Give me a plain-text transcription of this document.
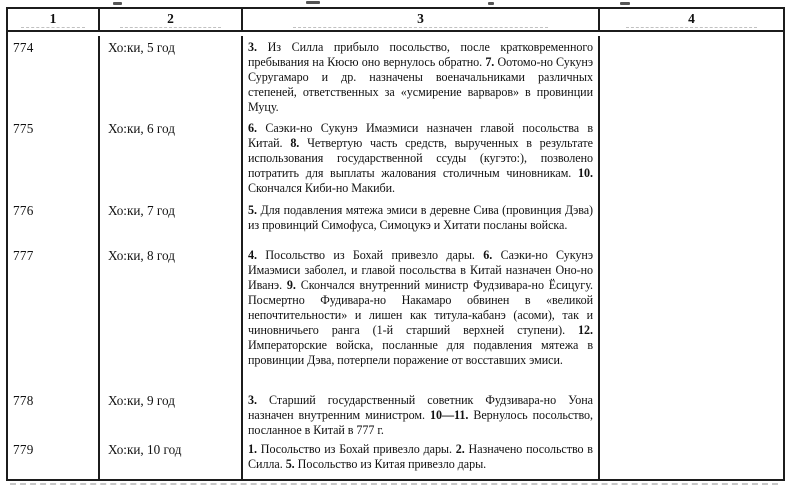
1	2	3	4
774	Хо:ки, 5 год	3. Из Силла прибыло посольство, после кратковременного пребывания на Кюсю оно вернулось обратно. 7. Оотомо-но Сукунэ Суругамаро и др. назначены военачальниками различных степеней, ответственных за «усмирение варваров» в провинции Муцу.
775	Хо:ки, 6 год	6. Саэки-но Сукунэ Имаэмиси назначен главой посольства в Китай. 8. Четвертую часть средств, вырученных в результате использования государственной ссуды (кугэто:), позволено потратить для выплаты жалования столичным чиновникам. 10. Скончался Киби-но Макиби.
776	Хо:ки, 7 год	5. Для подавления мятежа эмиси в деревне Сива (провинция Дэва) из провинций Симофуса, Симоцукэ и Хитати посланы войска.
777	Хо:ки, 8 год	4. Посольство из Бохай привезло дары. 6. Саэки-но Сукунэ Имаэмиси заболел, и главой посольства в Китай назначен Оно-но Иванэ. 9. Скончался внутренний министр Фудзивара-но Ёсицугу. Посмертно Фудивара-но Накамаро обвинен в «великой непочтительности» и лишен как титула-кабанэ (асоми), так и чиновничьего ранга (1-й старший верхней ступени). 12. Императорские войска, посланные для подавления мятежа в провинции Дэва, потерпели поражение от восставших эмиси.
778	Хо:ки, 9 год	3. Старший государственный советник Фудзивара-но Уона назначен внутренним министром. 10—11. Вернулось посольство, посланное в Китай в 777 г.
779	Хо:ки, 10 год	1. Посольство из Бохай привезло дары. 2. Назначено посольство в Силла. 5. Посольство из Китая привезло дары.
